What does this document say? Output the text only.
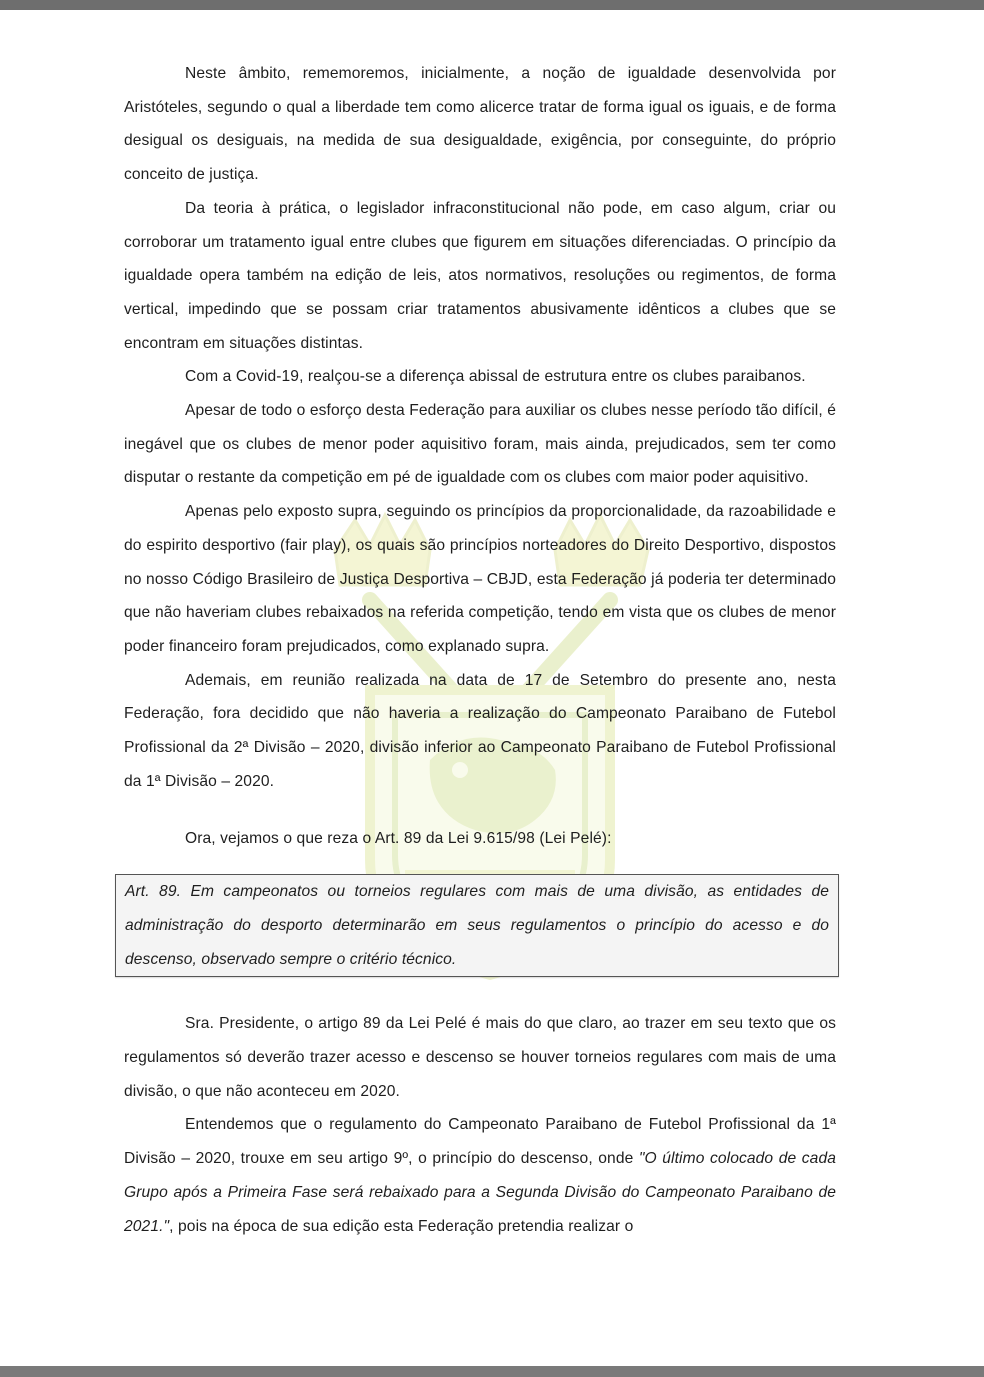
Neste âmbito, rememoremos, inicialmente, a noção de igualdade desenvolvida por Aristóteles, segundo o qual a liberdade tem como alicerce tratar de forma igual os iguais, e de forma desigual os desiguais, na medida de sua desigualdade, exigência, por conseguinte, do próprio conceito de justiça.

Da teoria à prática, o legislador infraconstitucional não pode, em caso algum, criar ou corroborar um tratamento igual entre clubes que figurem em situações diferenciadas. O princípio da igualdade opera também na edição de leis, atos normativos, resoluções ou regimentos, de forma vertical, impedindo que se possam criar tratamentos abusivamente idênticos a clubes que se encontram em situações distintas.

Com a Covid-19, realçou-se a diferença abissal de estrutura entre os clubes paraibanos.

Apesar de todo o esforço desta Federação para auxiliar os clubes nesse período tão difícil, é inegável que os clubes de menor poder aquisitivo foram, mais ainda, prejudicados, sem ter como disputar o restante da competição em pé de igualdade com os clubes com maior poder aquisitivo.

Apenas pelo exposto supra, seguindo os princípios da proporcionalidade, da razoabilidade e do espirito desportivo (fair play), os quais são princípios norteadores do Direito Desportivo, dispostos no nosso Código Brasileiro de Justiça Desportiva – CBJD, esta Federação já poderia ter determinado que não haveriam clubes rebaixados na referida competição, tendo em vista que os clubes de menor poder financeiro foram prejudicados, como explanado supra.

Ademais, em reunião realizada na data de 17 de Setembro do presente ano, nesta Federação, fora decidido que não haveria a realização do Campeonato Paraibano de Futebol Profissional da 2ª Divisão – 2020, divisão inferior ao Campeonato Paraibano de Futebol Profissional da 1ª Divisão – 2020.

Ora, vejamos o que reza o Art. 89 da Lei 9.615/98 (Lei Pelé):

Art. 89. Em campeonatos ou torneios regulares com mais de uma divisão, as entidades de administração do desporto determinarão em seus regulamentos o princípio do acesso e do descenso, observado sempre o critério técnico.

Sra. Presidente, o artigo 89 da Lei Pelé é mais do que claro, ao trazer em seu texto que os regulamentos só deverão trazer acesso e descenso se houver torneios regulares com mais de uma divisão, o que não aconteceu em 2020.

Entendemos que o regulamento do Campeonato Paraibano de Futebol Profissional da 1ª Divisão – 2020, trouxe em seu artigo 9º, o princípio do descenso, onde "O último colocado de cada Grupo após a Primeira Fase será rebaixado para a Segunda Divisão do Campeonato Paraibano de 2021.", pois na época de sua edição esta Federação pretendia realizar o
